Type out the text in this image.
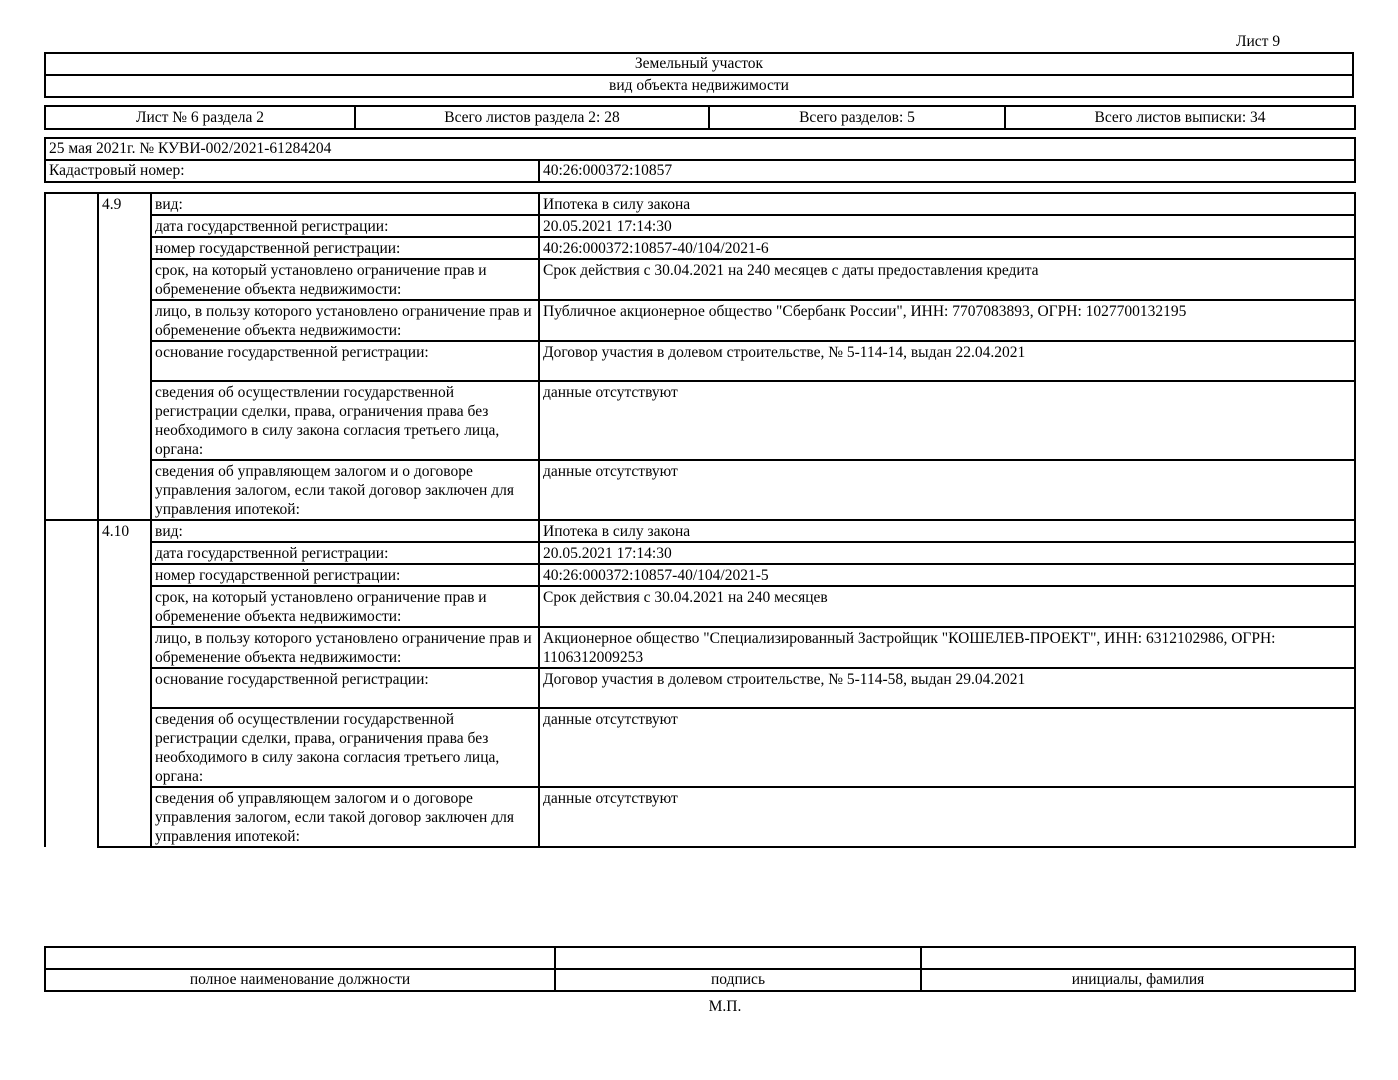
Лист 9
Земельный участок
вид объекта недвижимости
Лист № 6 раздела 2	Всего листов раздела 2: 28	Всего разделов: 5	Всего листов выписки: 34
25 мая 2021г. № КУВИ-002/2021-61284204
Кадастровый номер:	40:26:000372:10857
	4.9	вид:	Ипотека в силу закона
		дата государственной регистрации:	20.05.2021 17:14:30
		номер государственной регистрации:	40:26:000372:10857-40/104/2021-6
		срок, на который установлено ограничение прав и обременение объекта недвижимости:	Срок действия с 30.04.2021 на 240 месяцев с даты предоставления кредита
		лицо, в пользу которого установлено ограничение прав и обременение объекта недвижимости:	Публичное акционерное общество "Сбербанк России", ИНН: 7707083893, ОГРН: 1027700132195
		основание государственной регистрации:	Договор участия в долевом строительстве, № 5-114-14, выдан 22.04.2021
		сведения об осуществлении государственной регистрации сделки, права, ограничения права без необходимого в силу закона согласия третьего лица, органа:	данные отсутствуют
		сведения об управляющем залогом и о договоре управления залогом, если такой договор заключен для управления ипотекой:	данные отсутствуют
	4.10	вид:	Ипотека в силу закона
		дата государственной регистрации:	20.05.2021 17:14:30
		номер государственной регистрации:	40:26:000372:10857-40/104/2021-5
		срок, на который установлено ограничение прав и обременение объекта недвижимости:	Срок действия с 30.04.2021 на 240 месяцев
		лицо, в пользу которого установлено ограничение прав и обременение объекта недвижимости:	Акционерное общество "Специализированный Застройщик "КОШЕЛЕВ-ПРОЕКТ", ИНН: 6312102986, ОГРН: 1106312009253
		основание государственной регистрации:	Договор участия в долевом строительстве, № 5-114-58, выдан 29.04.2021
		сведения об осуществлении государственной регистрации сделки, права, ограничения права без необходимого в силу закона согласия третьего лица, органа:	данные отсутствуют
		сведения об управляющем залогом и о договоре управления залогом, если такой договор заключен для управления ипотекой:	данные отсутствуют

полное наименование должности	подпись	инициалы, фамилия
М.П.
